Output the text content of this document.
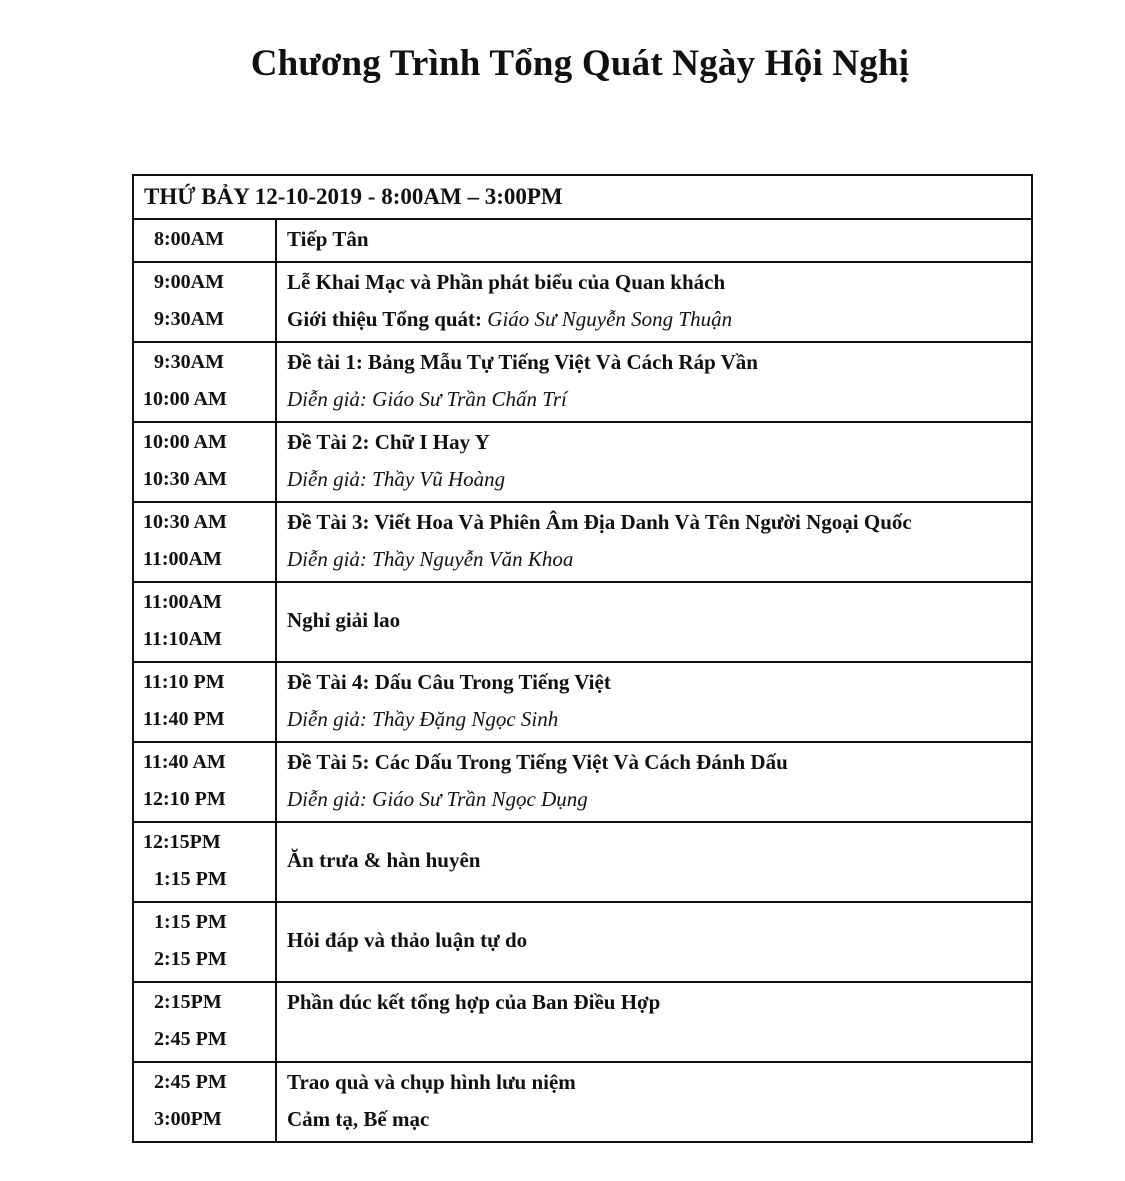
Chương Trình Tổng Quát Ngày Hội Nghị
THỨ BẢY 12-10-2019 - 8:00AM – 3:00PM	

8:00AM	Tiếp Tân

9:00AM
9:30AM	Lễ Khai Mạc và Phần phát biểu của Quan khách
Giới thiệu Tổng quát: Giáo Sư Nguyễn Song Thuận

9:30AM
10:00 AM	Đề tài 1: Bảng Mẫu Tự Tiếng Việt Và Cách Ráp Vần
Diễn giả: Giáo Sư Trần Chấn Trí

10:00 AM
10:30 AM	Đề Tài 2: Chữ I Hay Y
Diễn giả: Thầy Vũ Hoàng

10:30 AM
11:00AM	Đề Tài 3: Viết Hoa Và Phiên Âm Địa Danh Và Tên Người Ngoại Quốc
Diễn giả: Thầy Nguyễn Văn Khoa

11:00AM
11:10AM	Nghỉ giải lao

11:10 PM
11:40 PM	Đề Tài 4: Dấu Câu Trong Tiếng Việt
Diễn giả: Thầy Đặng Ngọc Sinh

11:40 AM
12:10 PM	Đề Tài 5: Các Dấu Trong Tiếng Việt Và Cách Đánh Dấu
Diễn giả: Giáo Sư Trần Ngọc Dụng

12:15PM
1:15 PM	Ăn trưa & hàn huyên

1:15 PM
2:15 PM	Hỏi đáp và thảo luận tự do

2:15PM
2:45 PM	Phần dúc kết tổng hợp của Ban Điều Hợp

2:45 PM
3:00PM	Trao quà và chụp hình lưu niệm
Cảm tạ, Bế mạc
